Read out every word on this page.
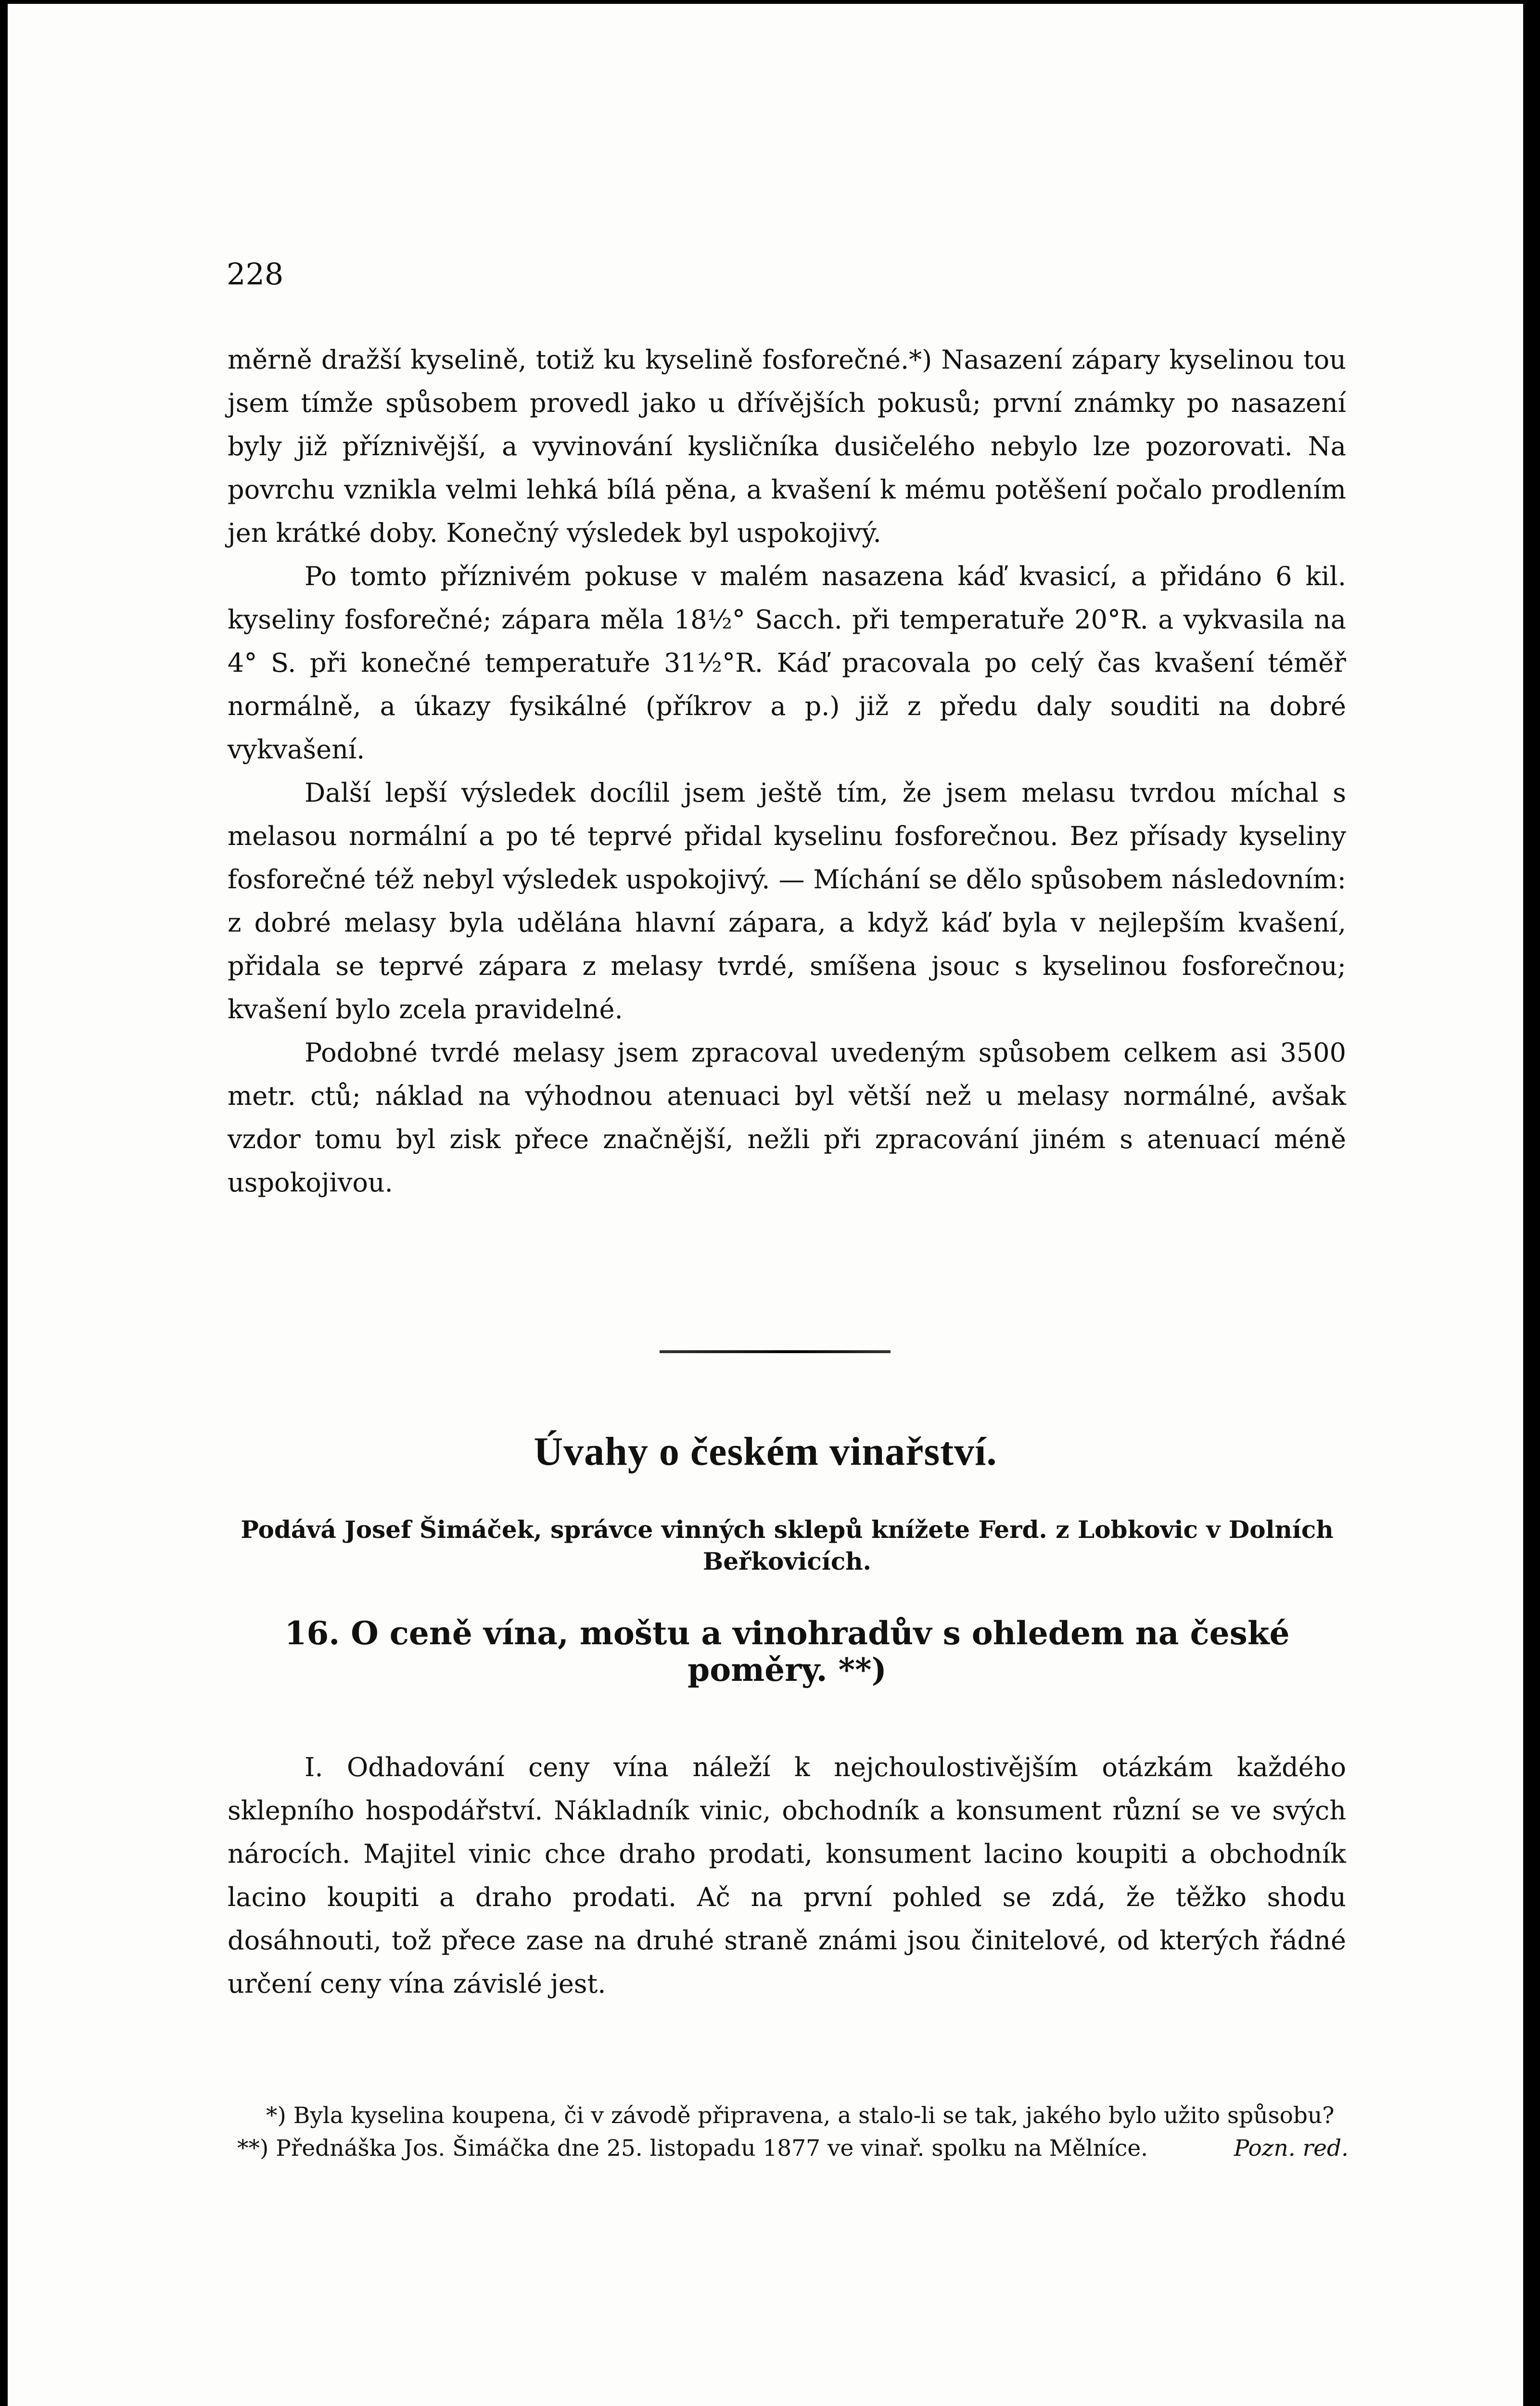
228

měrně dražší kyselině, totiž ku kyselině fosforečné.*) Nasazení zápary kyselinou tou jsem tímže spůsobem provedl jako u dřívějších pokusů; první známky po nasazení byly již příznivější, a vyvinování kysličníka dusičelého nebylo lze pozorovati. Na povrchu vznikla velmi lehká bílá pěna, a kvašení k mému potěšení počalo prodlením jen krátké doby. Konečný výsledek byl uspokojivý.

Po tomto příznivém pokuse v malém nasazena káď kvasicí, a přidáno 6 kil. kyseliny fosforečné; zápara měla 18½° Sacch. při temperatuře 20°R. a vykvasila na 4° S. při konečné temperatuře 31½°R. Káď pracovala po celý čas kvašení téměř normálně, a úkazy fysikálné (příkrov a p.) již z předu daly souditi na dobré vykvašení.

Další lepší výsledek docílil jsem ještě tím, že jsem melasu tvrdou míchal s melasou normální a po té teprvé přidal kyselinu fosforečnou. Bez přísady kyseliny fosforečné též nebyl výsledek uspokojivý. — Míchání se dělo spůsobem následovním: z dobré melasy byla udělána hlavní zápara, a když káď byla v nejlepším kvašení, přidala se teprvé zápara z melasy tvrdé, smíšena jsouc s kyselinou fosforečnou; kvašení bylo zcela pravidelné.

Podobné tvrdé melasy jsem zpracoval uvedeným spůsobem celkem asi 3500 metr. ctů; náklad na výhodnou atenuaci byl větší než u melasy normálné, avšak vzdor tomu byl zisk přece značnější, nežli při zpracování jiném s atenuací méně uspokojivou.

Úvahy o českém vinařství.
Podává Josef Šimáček, správce vinných sklepů knížete Ferd. z Lobkovic v Dolních Beřkovicích.
16. O ceně vína, moštu a vinohradův s ohledem na české poměry. **)

I. Odhadování ceny vína náleží k nejchoulostivějším otázkám každého sklepního hospodářství. Nákladník vinic, obchodník a konsument různí se ve svých nárocích. Majitel vinic chce draho prodati, konsument lacino koupiti a obchodník lacino koupiti a draho prodati. Ač na první pohled se zdá, že těžko shodu dosáhnouti, tož přece zase na druhé straně známi jsou činitelové, od kterých řádné určení ceny vína závislé jest.

*) Byla kyselina koupena, či v závodě připravena, a stalo-li se tak, jakého bylo užito spůsobu?
Pozn. red.

**) Přednáška Jos. Šimáčka dne 25. listopadu 1877 ve vinař. spolku na Mělníce.
